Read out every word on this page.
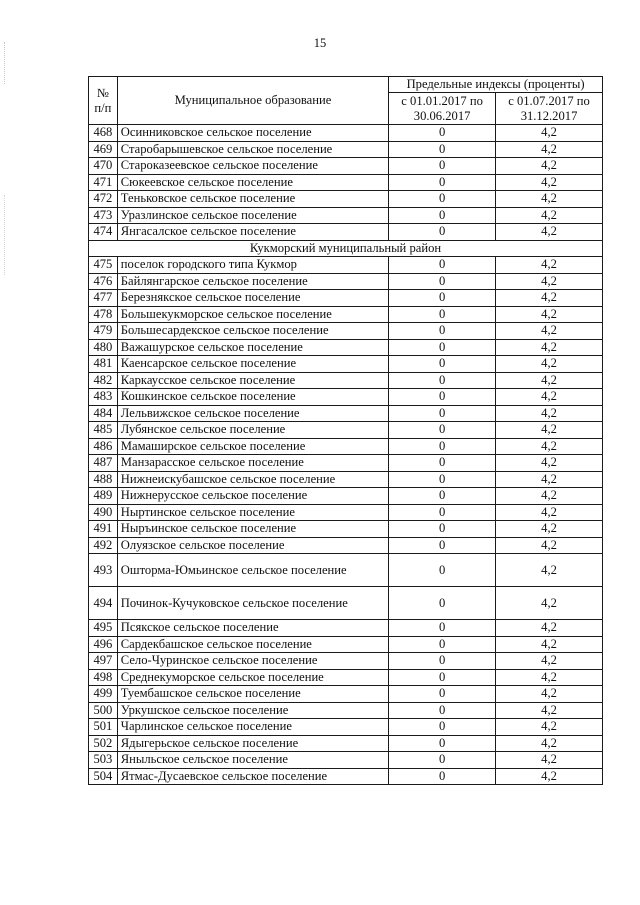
15
№ п/п	Муниципальное образование	Предельные индексы (проценты)	
		с 01.01.2017 по 30.06.2017	с 01.07.2017 по 31.12.2017
468	Осинниковское сельское поселение	0	4,2
469	Старобарышевское сельское поселение	0	4,2
470	Староказеевское сельское поселение	0	4,2
471	Сюкеевское сельское поселение	0	4,2
472	Теньковское сельское поселение	0	4,2
473	Уразлинское сельское поселение	0	4,2
474	Янгасалское сельское поселение	0	4,2
Кукморский муниципальный район			
475	поселок городского типа Кукмор	0	4,2
476	Байлянгарское сельское поселение	0	4,2
477	Березнякское сельское поселение	0	4,2
478	Большекукморское сельское поселение	0	4,2
479	Большесардекское сельское поселение	0	4,2
480	Важашурское сельское поселение	0	4,2
481	Каенсарское сельское поселение	0	4,2
482	Каркаусское сельское поселение	0	4,2
483	Кошкинское сельское поселение	0	4,2
484	Лельвижское сельское поселение	0	4,2
485	Лубянское сельское поселение	0	4,2
486	Мамаширское сельское поселение	0	4,2
487	Манзарасское сельское поселение	0	4,2
488	Нижнеискубашское сельское поселение	0	4,2
489	Нижнерусское сельское поселение	0	4,2
490	Ныртинское сельское поселение	0	4,2
491	Ныръинское сельское поселение	0	4,2
492	Олуязское сельское поселение	0	4,2
493	Ошторма-Юмьинское сельское поселение	0	4,2
494	Починок-Кучуковское сельское поселение	0	4,2
495	Псякское сельское поселение	0	4,2
496	Сардекбашское сельское поселение	0	4,2
497	Село-Чуринское сельское поселение	0	4,2
498	Среднекуморское сельское поселение	0	4,2
499	Туембашское сельское поселение	0	4,2
500	Уркушское сельское поселение	0	4,2
501	Чарлинское сельское поселение	0	4,2
502	Ядыгерьское сельское поселение	0	4,2
503	Яныльское сельское поселение	0	4,2
504	Ятмас-Дусаевское сельское поселение	0	4,2
